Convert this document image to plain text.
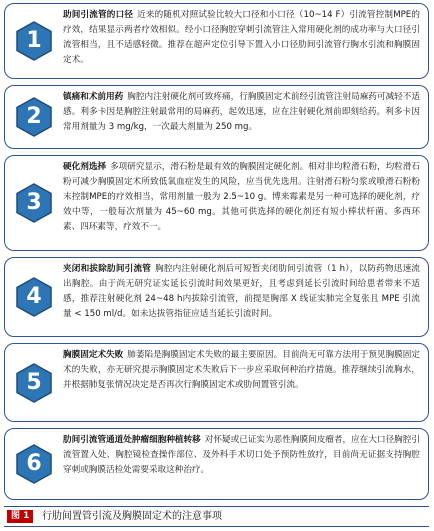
1
助间引流管的口径 近来的随机对照试验比较大口径和小口径（10~14 F）引流管控制MPE的疗效，结果显示两者疗效相似。经小口径胸腔穿刺引流管注入常用硬化剂的成功率与大口径引流管相当，且不适感轻微。推荐在超声定位引导下置入小口径肋间引流管行胸水引流和胸膜固定术。
2
镇痛和术前用药 胸腔内注射硬化剂可致疼痛，行胸膜固定术前经引流管注射局麻药可减轻不适感。利多卡因是胸腔注射最常用的局麻药，起效迅速，应在注射硬化剂前即刻给药。利多卡因常用剂量为 3 mg/kg，一次最大剂量为 250 mg。
3
硬化剂选择 多项研究显示，滑石粉是最有效的胸膜固定硬化剂。相对非均粒滑石粉，均粒滑石粉可减少胸膜固定术所致低氧血症发生的风险，应当优先选用。注射滑石粉匀浆或喷滑石粉粉末控制MPE的疗效相当，常用剂量一般为 2.5~10 g。博来霉素是另一种可选择的硬化剂，疗效中等，一般每次剂量为 45~60 mg。其他可供选择的硬化剂还有短小棒状杆菌、多西环素、四环素等，疗效不一。
4
夹闭和拔除肋间引流管 胸腔内注射硬化剂后可短暂夹闭肋间引流管（1 h），以防药物迅速流出胸腔。由于尚无研究证实延长引流时间效果更好，且考虑到延长引流时间给患者带来不适感，推荐注射硬化剂 24~48 h内拔除引流管，前提是胸部 X 线证实肺完全复张且 MPE 引流量 < 150 ml/d。如未达拔管指征应适当延长引流时间。
5
胸膜固定术失败 肺萎陷是胸膜固定术失败的最主要原因。目前尚无可靠方法用于预见胸膜固定术的失败，亦无研究提示胸膜固定术失败后下一步应采取何种治疗措施。推荐继续引流胸水，并根据肺复张情况决定是否再次行胸膜固定术或肋间置管引流。
6
肋间引流管通道处肿瘤细胞种植转移 对怀疑或已证实为恶性胸膜间皮瘤者，应在大口径胸腔引流管置入处、胸腔镜检查操作部位、及外科手术切口处予预防性放疗，目前尚无证据支持胸腔穿刺或胸膜活检处需要采取这种治疗。
图 1	行肋间置管引流及胸膜固定术的注意事项
